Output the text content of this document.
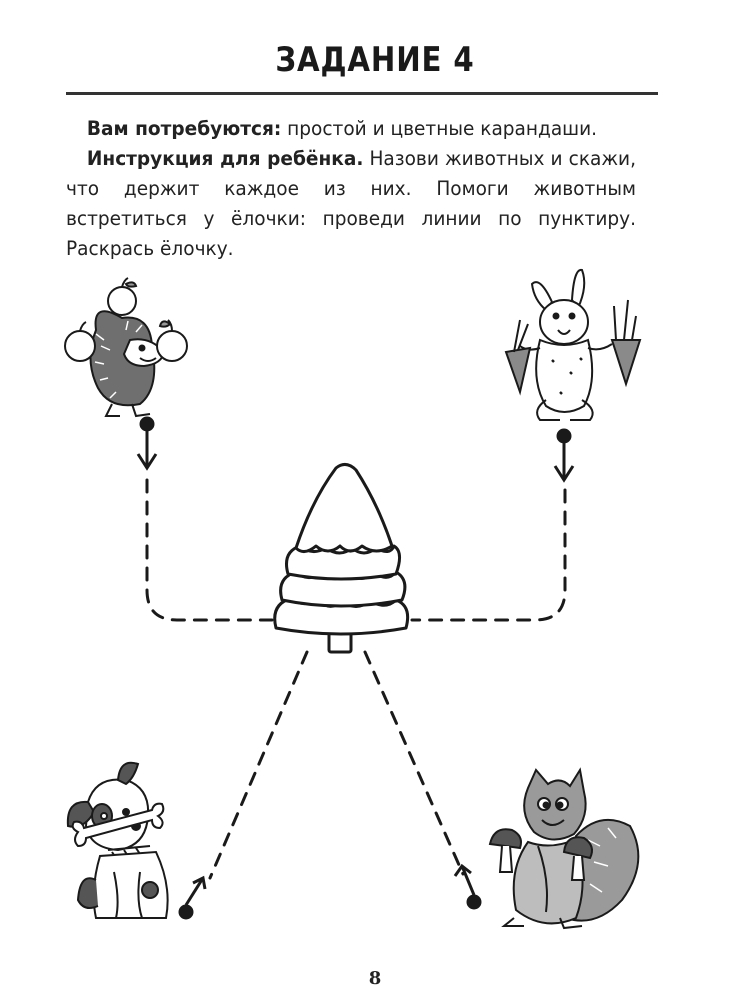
ЗАДАНИЕ 4

Вам потребуются: простой и цветные карандаши.

Инструкция для ребёнка. Назови животных и скажи, что держит каждое из них. Помоги животным встретиться у ёлочки: проведи линии по пунктиру. Раскрась ёлочку.

8
